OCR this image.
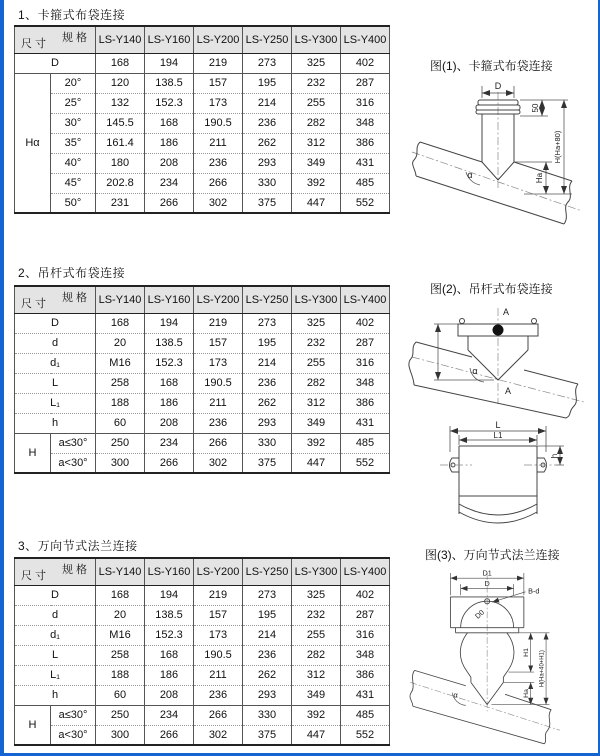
1、卡箍式布袋连接
规 格
尺 寸		LS-Y140	LS-Y160	LS-Y200	LS-Y250	LS-Y300	LS-Y400
D		168	194	219	273	325	402
Hα	20°	120	138.5	157	195	232	287
	25°	132	152.3	173	214	255	316
	30°	145.5	168	190.5	236	282	348
	35°	161.4	186	211	262	312	386
	40°	180	208	236	293	349	431
	45°	202.8	234	266	330	392	485
	50°	231	266	302	375	447	552
2、吊杆式布袋连接
规 格
尺 寸		LS-Y140	LS-Y160	LS-Y200	LS-Y250	LS-Y300	LS-Y400
D		168	194	219	273	325	402
d		20	138.5	157	195	232	287
d₁		M16	152.3	173	214	255	316
L		258	168	190.5	236	282	348
L₁		188	186	211	262	312	386
h		60	208	236	293	349	431
H	a≤30°	250	234	266	330	392	485
	a<30°	300	266	302	375	447	552
3、万向节式法兰连接
规 格
尺 寸		LS-Y140	LS-Y160	LS-Y200	LS-Y250	LS-Y300	LS-Y400
D		168	194	219	273	325	402
d		20	138.5	157	195	232	287
d₁		M16	152.3	173	214	255	316
L		258	168	190.5	236	282	348
L₁		188	186	211	262	312	386
h		60	208	236	293	349	431
H	a≤30°	250	234	266	330	392	485
	a<30°	300	266	302	375	447	552
图(1)、卡箍式布袋连接
D
50
H(Ha+80)
Ha
α
图(2)、吊杆式布袋连接
A
α
A
L
L1
h
图(3)、万向节式法兰连接
D1
D
B-d
D0
α
H1
Ha
H(Ha+40+H1)
